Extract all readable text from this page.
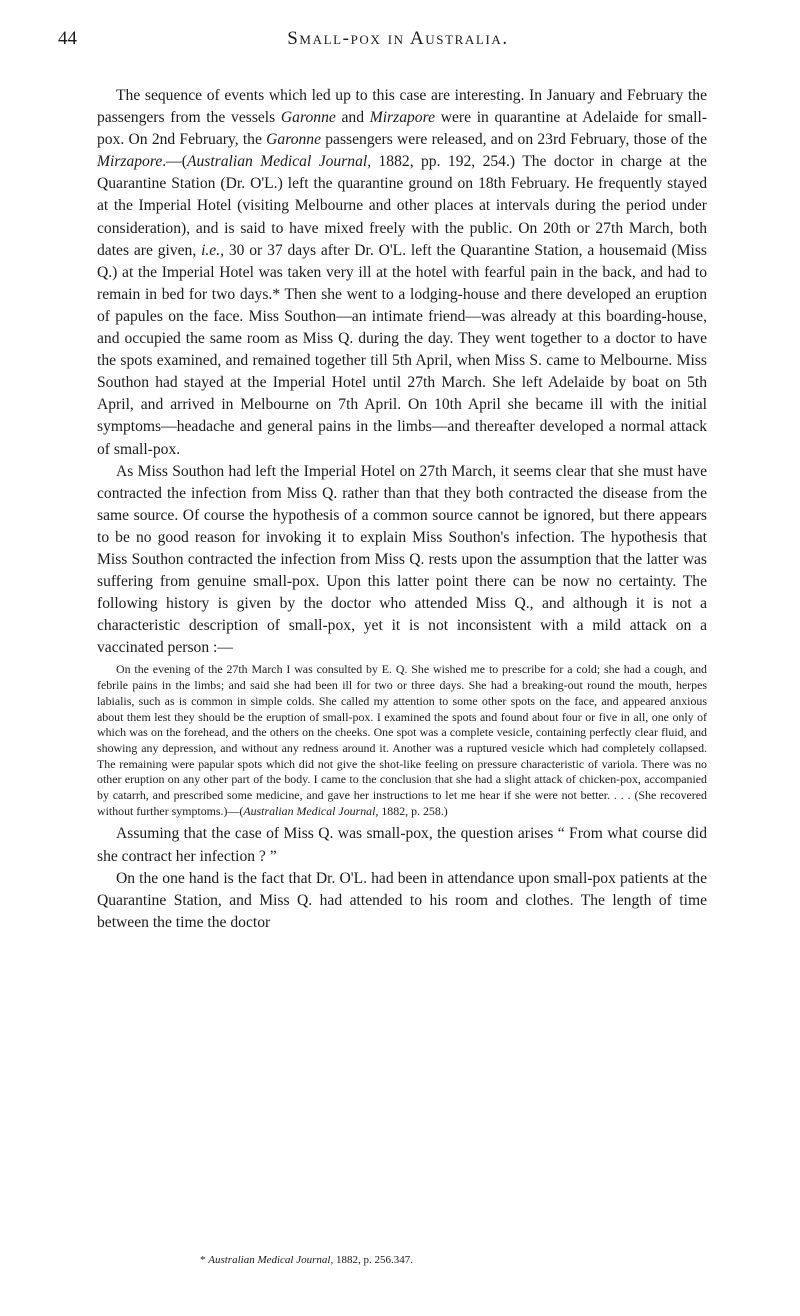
44	Small-pox in Australia.

The sequence of events which led up to this case are interesting. In January and February the passengers from the vessels Garonne and Mirzapore were in quarantine at Adelaide for small-pox. On 2nd February, the Garonne passengers were released, and on 23rd February, those of the Mirzapore.—(Australian Medical Journal, 1882, pp. 192, 254.) The doctor in charge at the Quarantine Station (Dr. O'L.) left the quarantine ground on 18th February. He frequently stayed at the Imperial Hotel (visiting Melbourne and other places at intervals during the period under consideration), and is said to have mixed freely with the public. On 20th or 27th March, both dates are given, i.e., 30 or 37 days after Dr. O'L. left the Quarantine Station, a housemaid (Miss Q.) at the Imperial Hotel was taken very ill at the hotel with fearful pain in the back, and had to remain in bed for two days.* Then she went to a lodging-house and there developed an eruption of papules on the face. Miss Southon—an intimate friend—was already at this boarding-house, and occupied the same room as Miss Q. during the day. They went together to a doctor to have the spots examined, and remained together till 5th April, when Miss S. came to Melbourne. Miss Southon had stayed at the Imperial Hotel until 27th March. She left Adelaide by boat on 5th April, and arrived in Melbourne on 7th April. On 10th April she became ill with the initial symptoms—headache and general pains in the limbs—and thereafter developed a normal attack of small-pox.

As Miss Southon had left the Imperial Hotel on 27th March, it seems clear that she must have contracted the infection from Miss Q. rather than that they both contracted the disease from the same source. Of course the hypothesis of a common source cannot be ignored, but there appears to be no good reason for invoking it to explain Miss Southon's infection. The hypothesis that Miss Southon contracted the infection from Miss Q. rests upon the assumption that the latter was suffering from genuine small-pox. Upon this latter point there can be now no certainty. The following history is given by the doctor who attended Miss Q., and although it is not a characteristic description of small-pox, yet it is not inconsistent with a mild attack on a vaccinated person :—

On the evening of the 27th March I was consulted by E. Q. She wished me to prescribe for a cold; she had a cough, and febrile pains in the limbs; and said she had been ill for two or three days. She had a breaking-out round the mouth, herpes labialis, such as is common in simple colds. She called my attention to some other spots on the face, and appeared anxious about them lest they should be the eruption of small-pox. I examined the spots and found about four or five in all, one only of which was on the forehead, and the others on the cheeks. One spot was a complete vesicle, containing perfectly clear fluid, and showing any depression, and without any redness around it. Another was a ruptured vesicle which had completely collapsed. The remaining were papular spots which did not give the shot-like feeling on pressure characteristic of variola. There was no other eruption on any other part of the body. I came to the conclusion that she had a slight attack of chicken-pox, accompanied by catarrh, and prescribed some medicine, and gave her instructions to let me hear if she were not better. . . . (She recovered without further symptoms.)—(Australian Medical Journal, 1882, p. 258.)

Assuming that the case of Miss Q. was small-pox, the question arises “ From what course did she contract her infection ? ”

On the one hand is the fact that Dr. O'L. had been in attendance upon small-pox patients at the Quarantine Station, and Miss Q. had attended to his room and clothes. The length of time between the time the doctor

* Australian Medical Journal, 1882, p. 256.347.
